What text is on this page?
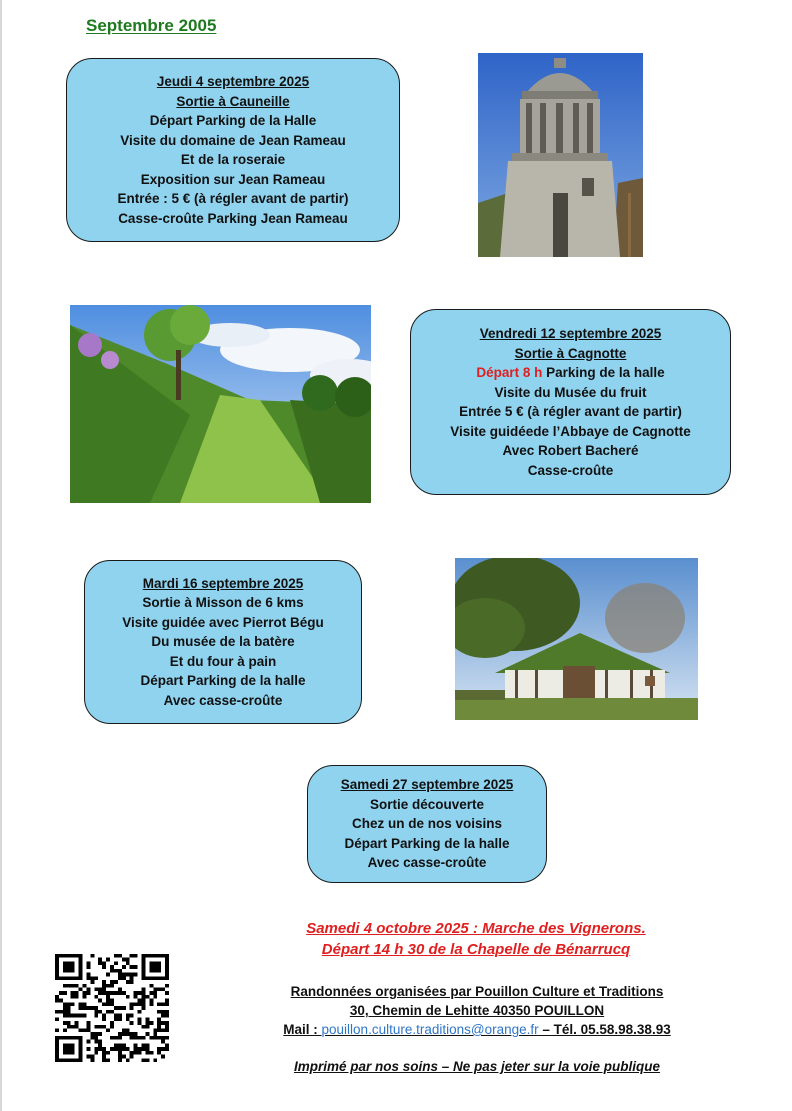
Septembre 2005
Jeudi 4 septembre 2025
Sortie à Cauneille
Départ Parking de la Halle
Visite du domaine de Jean Rameau
Et de la roseraie
Exposition sur Jean Rameau
Entrée : 5 € (à régler avant de partir)
Casse-croûte Parking Jean Rameau
Vendredi 12 septembre 2025
Sortie à Cagnotte
Départ 8 h Parking de la halle
Visite du Musée du fruit
Entrée 5 € (à régler avant de partir)
Visite guidéede l’Abbaye de Cagnotte
Avec Robert Bacheré
Casse-croûte
Mardi 16 septembre 2025
Sortie à Misson de 6 kms
Visite guidée avec Pierrot Bégu
Du musée de la batère
Et du four à pain
Départ Parking de la halle
Avec casse-croûte
Samedi 27 septembre 2025
Sortie découverte
Chez un de nos voisins
Départ Parking de la halle
Avec casse-croûte
Samedi 4 octobre 2025 : Marche des Vignerons.
Départ 14 h 30 de la Chapelle de Bénarrucq
Randonnées organisées par Pouillon Culture et Traditions
30, Chemin de Lehitte 40350 POUILLON
Mail : pouillon.culture.traditions@orange.fr – Tél. 05.58.98.38.93
Imprimé par nos soins – Ne pas jeter sur la voie publique
